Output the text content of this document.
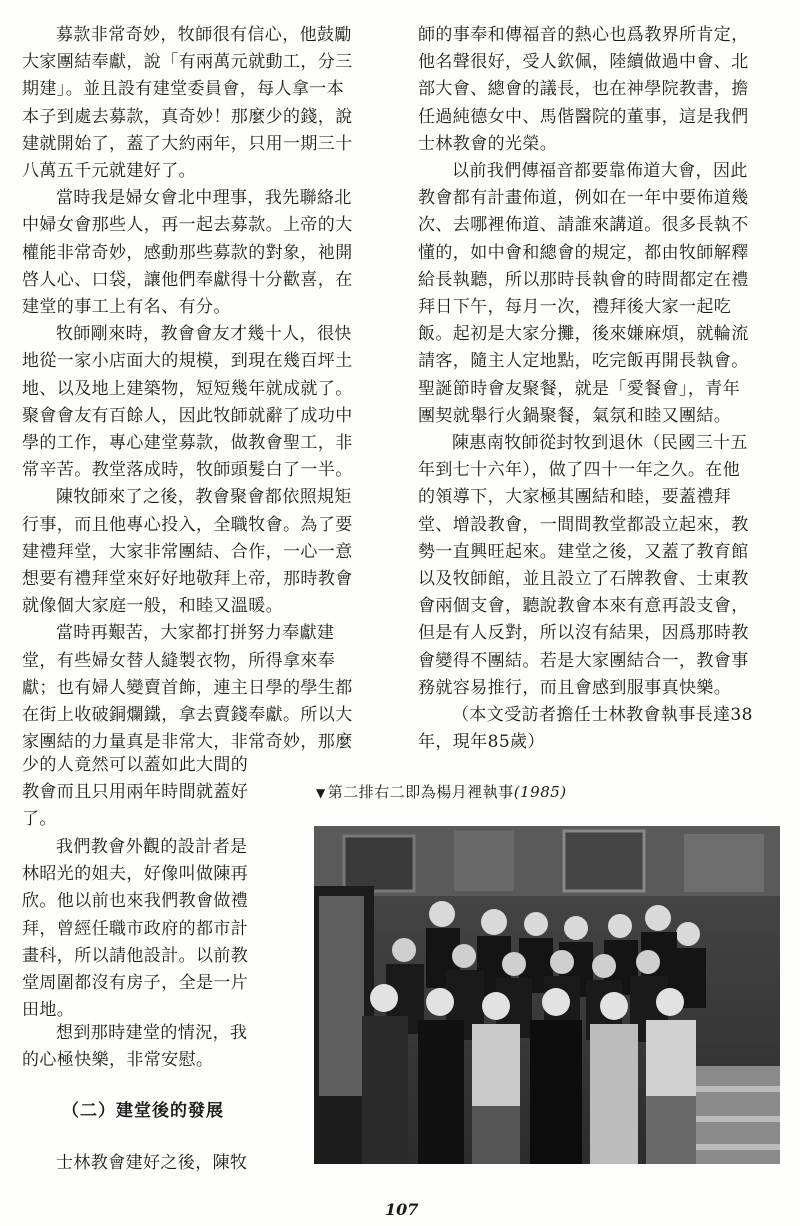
募款非常奇妙，牧師很有信心，他鼓勵
大家團結奉獻，說「有兩萬元就動工，分三
期建」。並且設有建堂委員會，每人拿一本
本子到處去募款，真奇妙！那麼少的錢，說
建就開始了，蓋了大約兩年，只用一期三十
八萬五千元就建好了。

當時我是婦女會北中理事，我先聯絡北
中婦女會那些人，再一起去募款。上帝的大
權能非常奇妙，感動那些募款的對象，祂開
啓人心、口袋，讓他們奉獻得十分歡喜，在
建堂的事工上有名、有分。

牧師剛來時，教會會友才幾十人，很快
地從一家小店面大的規模，到現在幾百坪土
地、以及地上建築物，短短幾年就成就了。
聚會會友有百餘人，因此牧師就辭了成功中
學的工作，專心建堂募款，做教會聖工，非
常辛苦。教堂落成時，牧師頭髮白了一半。

陳牧師來了之後，教會聚會都依照規矩
行事，而且他專心投入，全職牧會。為了要
建禮拜堂，大家非常團結、合作，一心一意
想要有禮拜堂來好好地敬拜上帝，那時教會
就像個大家庭一般，和睦又溫暖。

當時再艱苦，大家都打拼努力奉獻建
堂，有些婦女替人縫製衣物，所得拿來奉
獻；也有婦人變賣首飾，連主日學的學生都
在街上收破銅爛鐵，拿去賣錢奉獻。所以大
家團結的力量真是非常大，非常奇妙，那麼

少的人竟然可以蓋如此大間的
教會而且只用兩年時間就蓋好
了。

我們教會外觀的設計者是
林昭光的姐夫，好像叫做陳再
欣。他以前也來我們教會做禮
拜，曾經任職市政府的都市計
畫科，所以請他設計。以前教
堂周圍都沒有房子，全是一片
田地。

想到那時建堂的情況，我
的心極快樂，非常安慰。

（二）建堂後的發展

士林教會建好之後，陳牧

師的事奉和傳福音的熱心也爲教界所肯定，
他名聲很好，受人欽佩，陸續做過中會、北
部大會、總會的議長，也在神學院教書，擔
任過純德女中、馬偕醫院的董事，這是我們
士林教會的光榮。

以前我們傳福音都要靠佈道大會，因此
教會都有計畫佈道，例如在一年中要佈道幾
次、去哪裡佈道、請誰來講道。很多長執不
懂的，如中會和總會的規定，都由牧師解釋
給長執聽，所以那時長執會的時間都定在禮
拜日下午，每月一次，禮拜後大家一起吃
飯。起初是大家分攤，後來嫌麻煩，就輪流
請客，隨主人定地點，吃完飯再開長執會。
聖誕節時會友聚餐，就是「愛餐會」，青年
團契就舉行火鍋聚餐，氣氛和睦又團結。

陳惠南牧師從封牧到退休（民國三十五
年到七十六年），做了四十一年之久。在他
的領導下，大家極其團結和睦，要蓋禮拜
堂、增設教會，一間間教堂都設立起來，教
勢一直興旺起來。建堂之後，又蓋了教育館
以及牧師館，並且設立了石牌教會、士東教
會兩個支會，聽說教會本來有意再設支會，
但是有人反對，所以沒有結果，因爲那時教
會變得不團結。若是大家團結合一，教會事
務就容易推行，而且會感到服事真快樂。

（本文受訪者擔任士林教會執事長達38
年，現年85歲）

▼ 第二排右二即為楊月裡執事(1985)
107
